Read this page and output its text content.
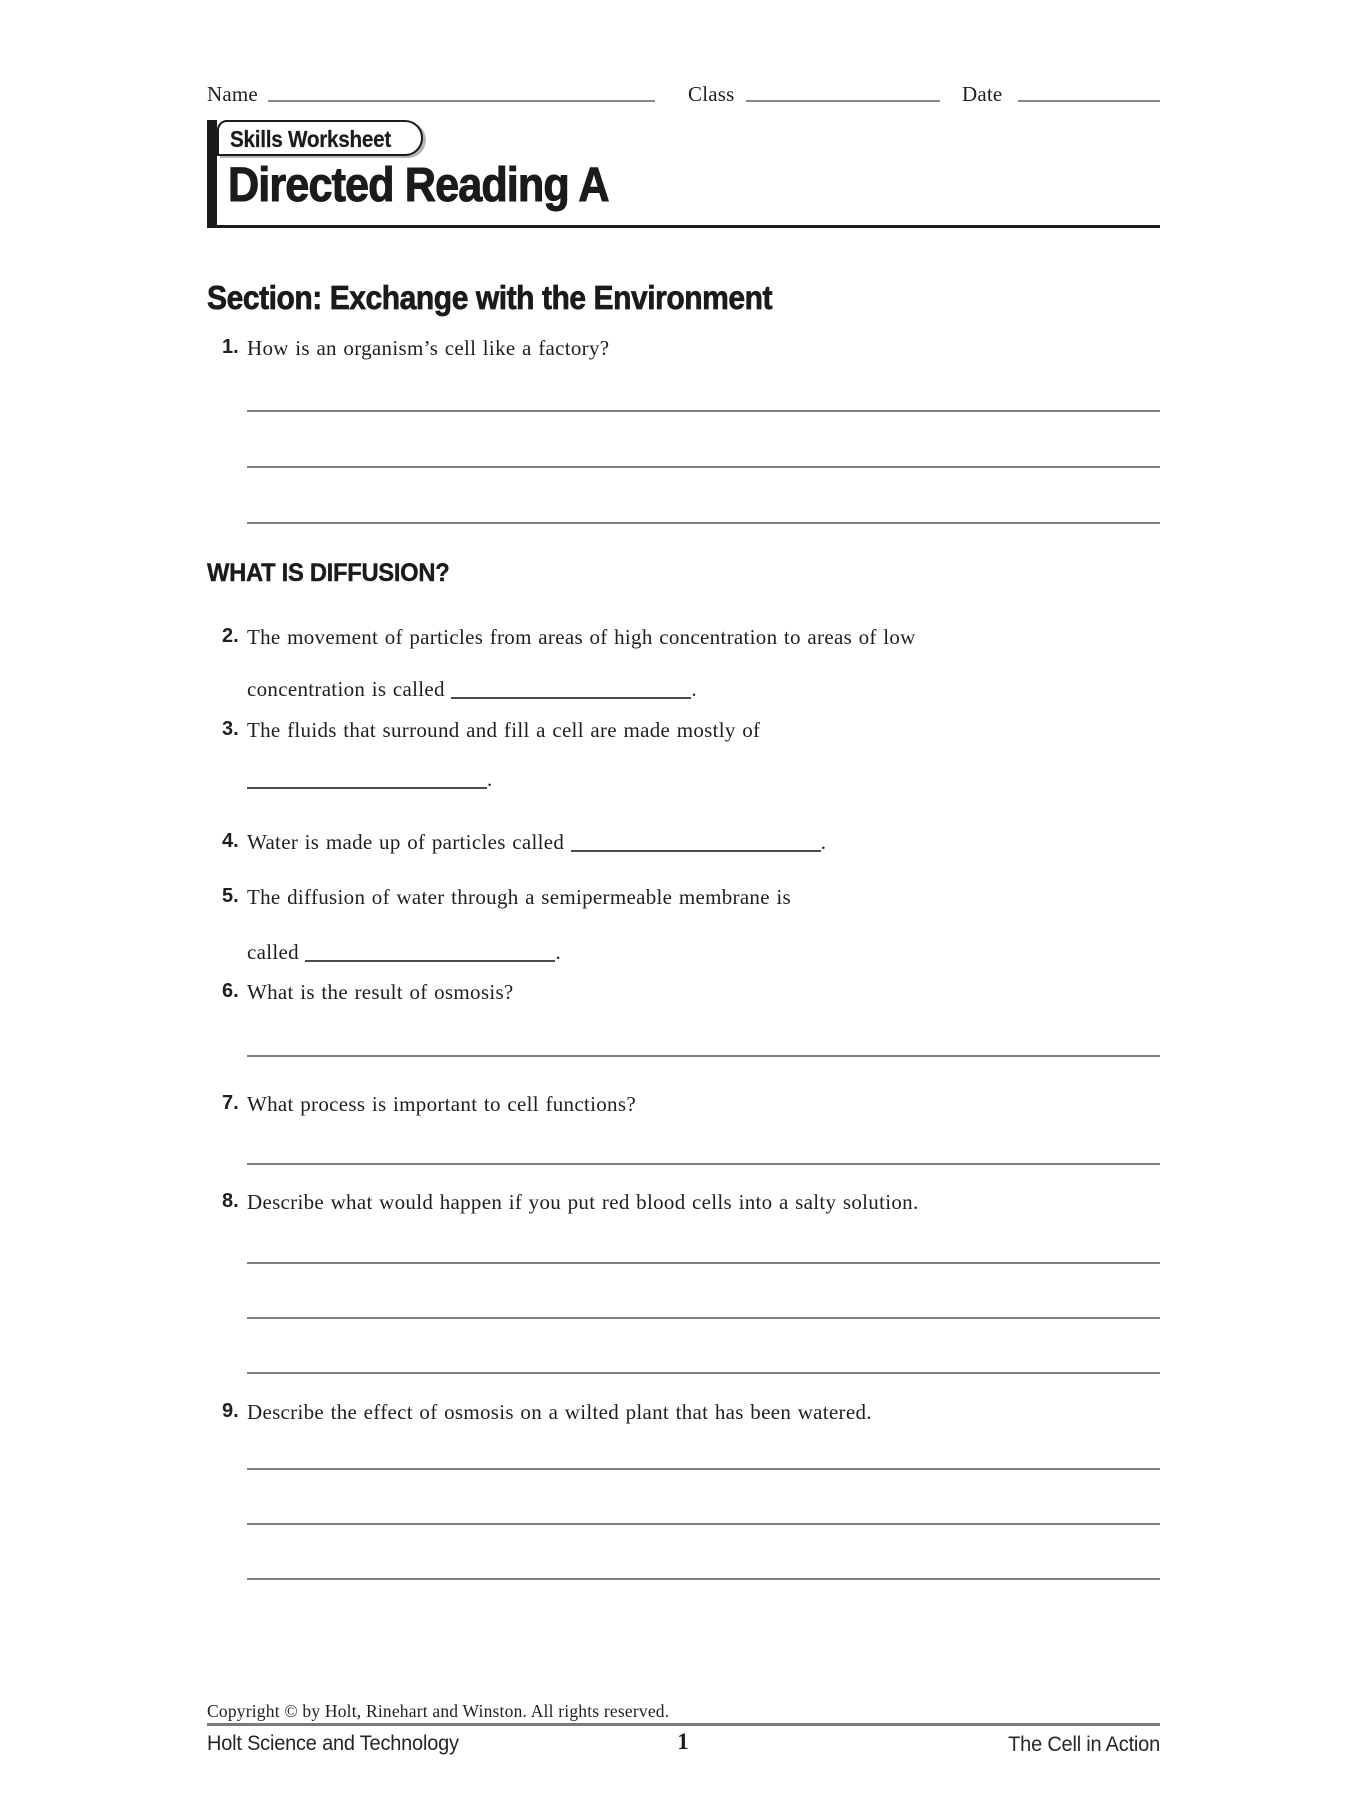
Name	Class	Date
Skills Worksheet
Directed Reading A
Section: Exchange with the Environment
WHAT IS DIFFUSION?
1. How is an organism’s cell like a factory?
2. The movement of particles from areas of high concentration to areas of low
concentration is called	.
3. The fluids that surround and fill a cell are made mostly of
.
4. Water is made up of particles called	.
5. The diffusion of water through a semipermeable membrane is
called	.
6. What is the result of osmosis?
7. What process is important to cell functions?
8. Describe what would happen if you put red blood cells into a salty solution.
9. Describe the effect of osmosis on a wilted plant that has been watered.
Copyright © by Holt, Rinehart and Winston. All rights reserved.
Holt Science and Technology	1	The Cell in Action
